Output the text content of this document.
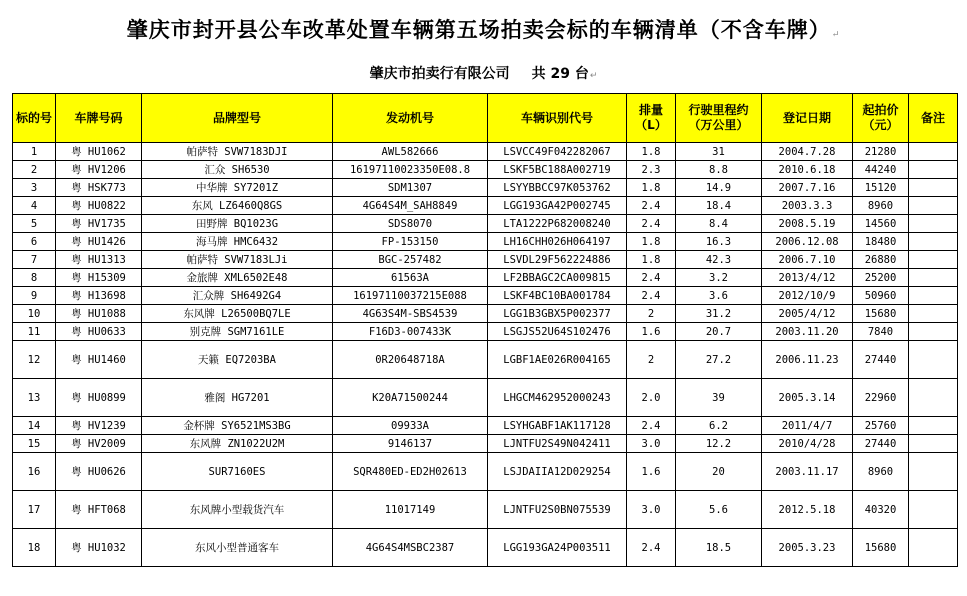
肇庆市封开县公车改革处置车辆第五场拍卖会标的车辆清单（不含车牌）↵
肇庆市拍卖行有限公司 共 29 台↵
标的号	车牌号码	品牌型号	发动机号	车辆识别代号	排量（L）	行驶里程约（万公里）	登记日期	起拍价（元）	备注
1	粤 HU1062	帕萨特 SVW7183DJI	AWL582666	LSVCC49F042282067	1.8	31	2004.7.28	21280	
2	粤 HV1206	汇众 SH6530	16197110023350E08.8	LSKF5BC188A002719	2.3	8.8	2010.6.18	44240	
3	粤 HSK773	中华牌 SY7201Z	SDM1307	LSYYBBCC97K053762	1.8	14.9	2007.7.16	15120	
4	粤 HU0822	东风 LZ6460Q8GS	4G64S4M_SAH8849	LGG193GA42P002745	2.4	18.4	2003.3.3	8960	
5	粤 HV1735	田野牌 BQ1023G	SDS8070	LTA1222P682008240	2.4	8.4	2008.5.19	14560	
6	粤 HU1426	海马牌 HMC6432	FP-153150	LH16CHH026H064197	1.8	16.3	2006.12.08	18480	
7	粤 HU1313	帕萨特 SVW7183LJi	BGC-257482	LSVDL29F562224886	1.8	42.3	2006.7.10	26880	
8	粤 H15309	金旅牌 XML6502E48	61563A	LF2BBAGC2CA009815	2.4	3.2	2013/4/12	25200	
9	粤 H13698	汇众牌 SH6492G4	16197110037215E088	LSKF4BC10BA001784	2.4	3.6	2012/10/9	50960	
10	粤 HU1088	东风牌 L26500BQ7LE	4G63S4M-SBS4539	LGG1B3GBX5P002377	2	31.2	2005/4/12	15680	
11	粤 HU0633	别克牌 SGM7161LE	F16D3-007433K	LSGJS52U64S102476	1.6	20.7	2003.11.20	7840	
12	粤 HU1460	天籁 EQ7203BA	0R20648718A	LGBF1AE026R004165	2	27.2	2006.11.23	27440	
13	粤 HU0899	雅阁 HG7201	K20A71500244	LHGCM462952000243	2.0	39	2005.3.14	22960	
14	粤 HV1239	金杯牌 SY6521MS3BG	09933A	LSYHGABF1AK117128	2.4	6.2	2011/4/7	25760	
15	粤 HV2009	东风牌 ZN1022U2M	9146137	LJNTFU2S49N042411	3.0	12.2	2010/4/28	27440	
16	粤 HU0626	SUR7160ES	SQR480ED-ED2H02613	LSJDAIIA12D029254	1.6	20	2003.11.17	8960	
17	粤 HFT068	东风牌小型载货汽车	11017149	LJNTFU2S0BN075539	3.0	5.6	2012.5.18	40320	
18	粤 HU1032	东风小型普通客车	4G64S4MSBC2387	LGG193GA24P003511	2.4	18.5	2005.3.23	15680	
